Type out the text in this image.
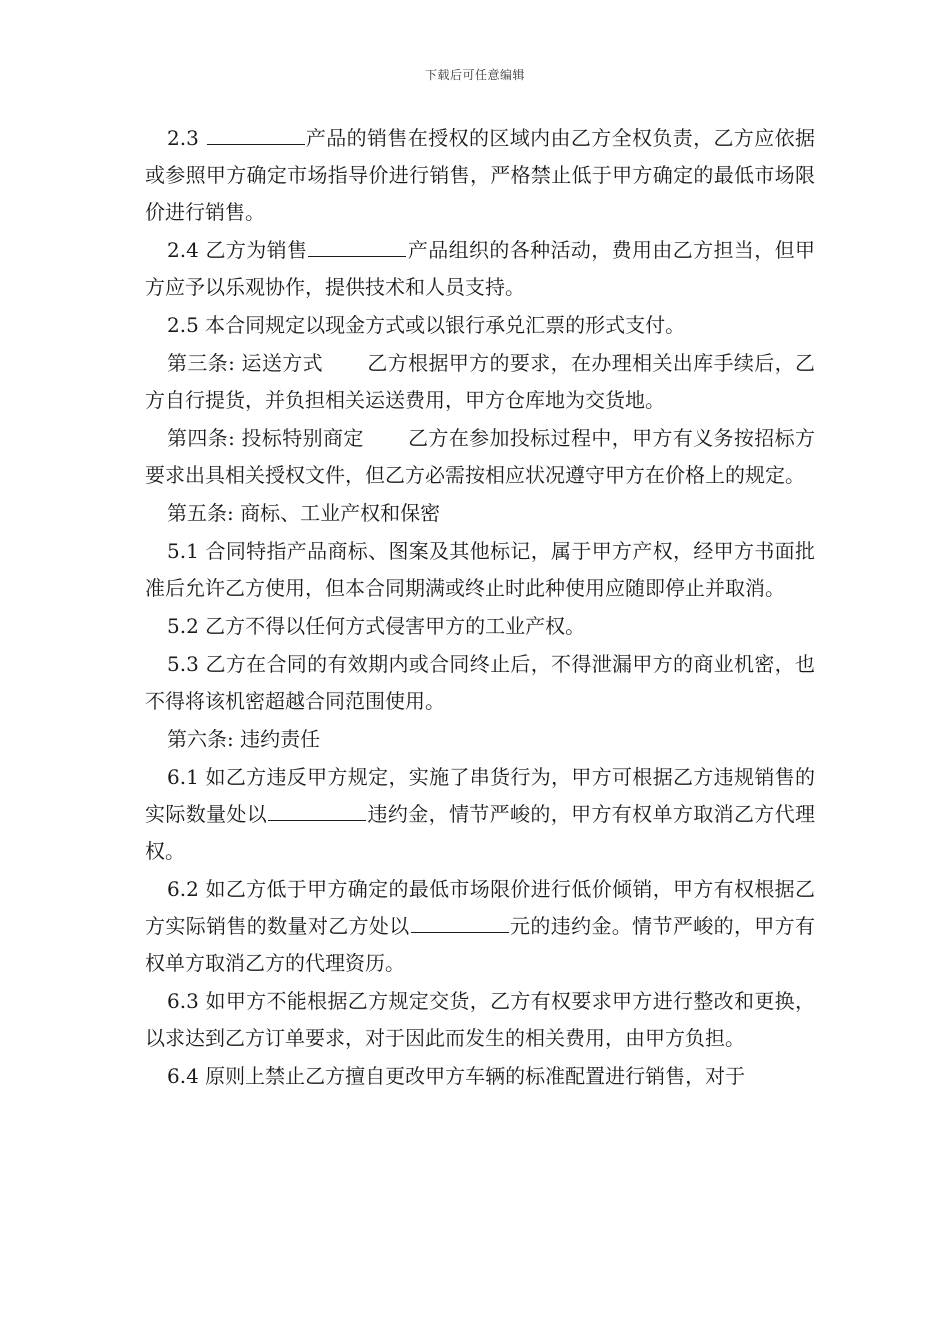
下载后可任意编辑

2.3	产品的销售在授权的区域内由乙方全权负责，乙方应依据或参照甲方确定市场指导价进行销售，严格禁止低于甲方确定的最低市场限价进行销售。

2.4 乙方为销售	产品组织的各种活动，费用由乙方担当，但甲方应予以乐观协作，提供技术和人员支持。

2.5 本合同规定以现金方式或以银行承兑汇票的形式支付。

第三条: 运送方式 乙方根据甲方的要求，在办理相关出库手续后，乙方自行提货，并负担相关运送费用，甲方仓库地为交货地。

第四条: 投标特别商定 乙方在参加投标过程中，甲方有义务按招标方要求出具相关授权文件，但乙方必需按相应状况遵守甲方在价格上的规定。

第五条: 商标、工业产权和保密

5.1 合同特指产品商标、图案及其他标记，属于甲方产权，经甲方书面批准后允许乙方使用，但本合同期满或终止时此种使用应随即停止并取消。

5.2 乙方不得以任何方式侵害甲方的工业产权。

5.3 乙方在合同的有效期内或合同终止后，不得泄漏甲方的商业机密，也不得将该机密超越合同范围使用。

第六条: 违约责任

6.1 如乙方违反甲方规定，实施了串货行为，甲方可根据乙方违规销售的实际数量处以	违约金，情节严峻的，甲方有权单方取消乙方代理权。

6.2 如乙方低于甲方确定的最低市场限价进行低价倾销，甲方有权根据乙方实际销售的数量对乙方处以	元的违约金。情节严峻的，甲方有权单方取消乙方的代理资历。

6.3 如甲方不能根据乙方规定交货，乙方有权要求甲方进行整改和更换，以求达到乙方订单要求，对于因此而发生的相关费用，由甲方负担。

6.4 原则上禁止乙方擅自更改甲方车辆的标准配置进行销售，对于
